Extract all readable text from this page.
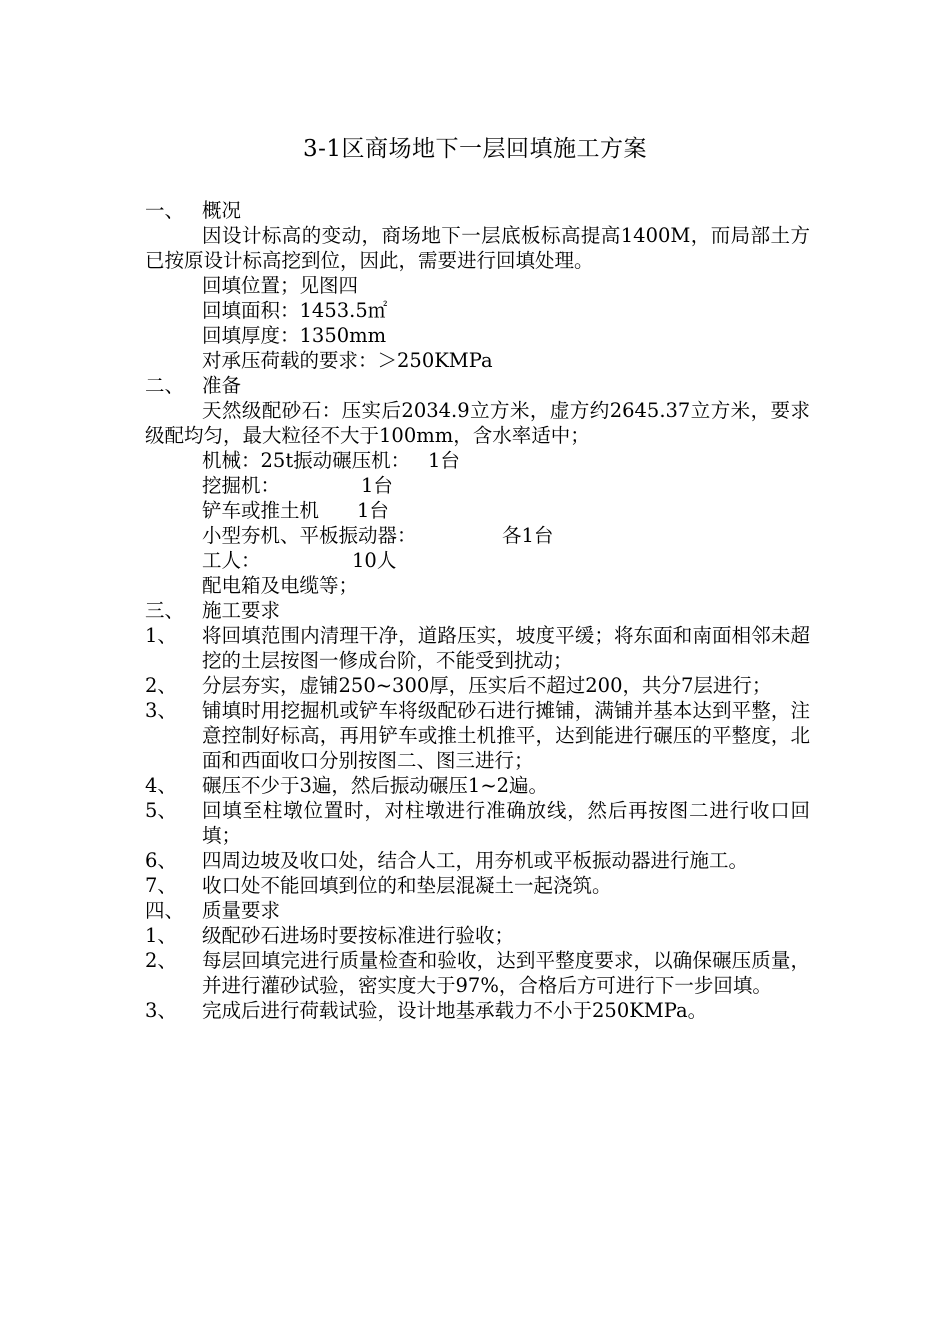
3-1区商场地下一层回填施工方案
一、 概况
因设计标高的变动，商场地下一层底板标高提高1400M，而局部土方已按原设计标高挖到位，因此，需要进行回填处理。
回填位置；见图四
回填面积：1453.5㎡
回填厚度：1350mm
对承压荷载的要求：＞250KMPa
二、 准备
天然级配砂石：压实后2034.9立方米，虚方约2645.37立方米，要求级配均匀，最大粒径不大于100mm，含水率适中；
机械：25t振动碾压机： 1台
挖掘机：	1台
铲车或推土机 1台
小型夯机、平板振动器：	各1台
工人：	10人
配电箱及电缆等；
三、 施工要求
1、	将回填范围内清理干净，道路压实，坡度平缓；将东面和南面相邻未超挖的土层按图一修成台阶，不能受到扰动；
2、	分层夯实，虚铺250~300厚，压实后不超过200，共分7层进行；
3、	铺填时用挖掘机或铲车将级配砂石进行摊铺，满铺并基本达到平整，注意控制好标高，再用铲车或推土机推平，达到能进行碾压的平整度，北面和西面收口分别按图二、图三进行；
4、	碾压不少于3遍，然后振动碾压1~2遍。
5、	回填至柱墩位置时，对柱墩进行准确放线，然后再按图二进行收口回填；
6、	四周边坡及收口处，结合人工，用夯机或平板振动器进行施工。
7、	收口处不能回填到位的和垫层混凝土一起浇筑。
四、 质量要求
1、	级配砂石进场时要按标准进行验收；
2、	每层回填完进行质量检查和验收，达到平整度要求，以确保碾压质量，并进行灌砂试验，密实度大于97%，合格后方可进行下一步回填。
3、	完成后进行荷载试验，设计地基承载力不小于250KMPa。
